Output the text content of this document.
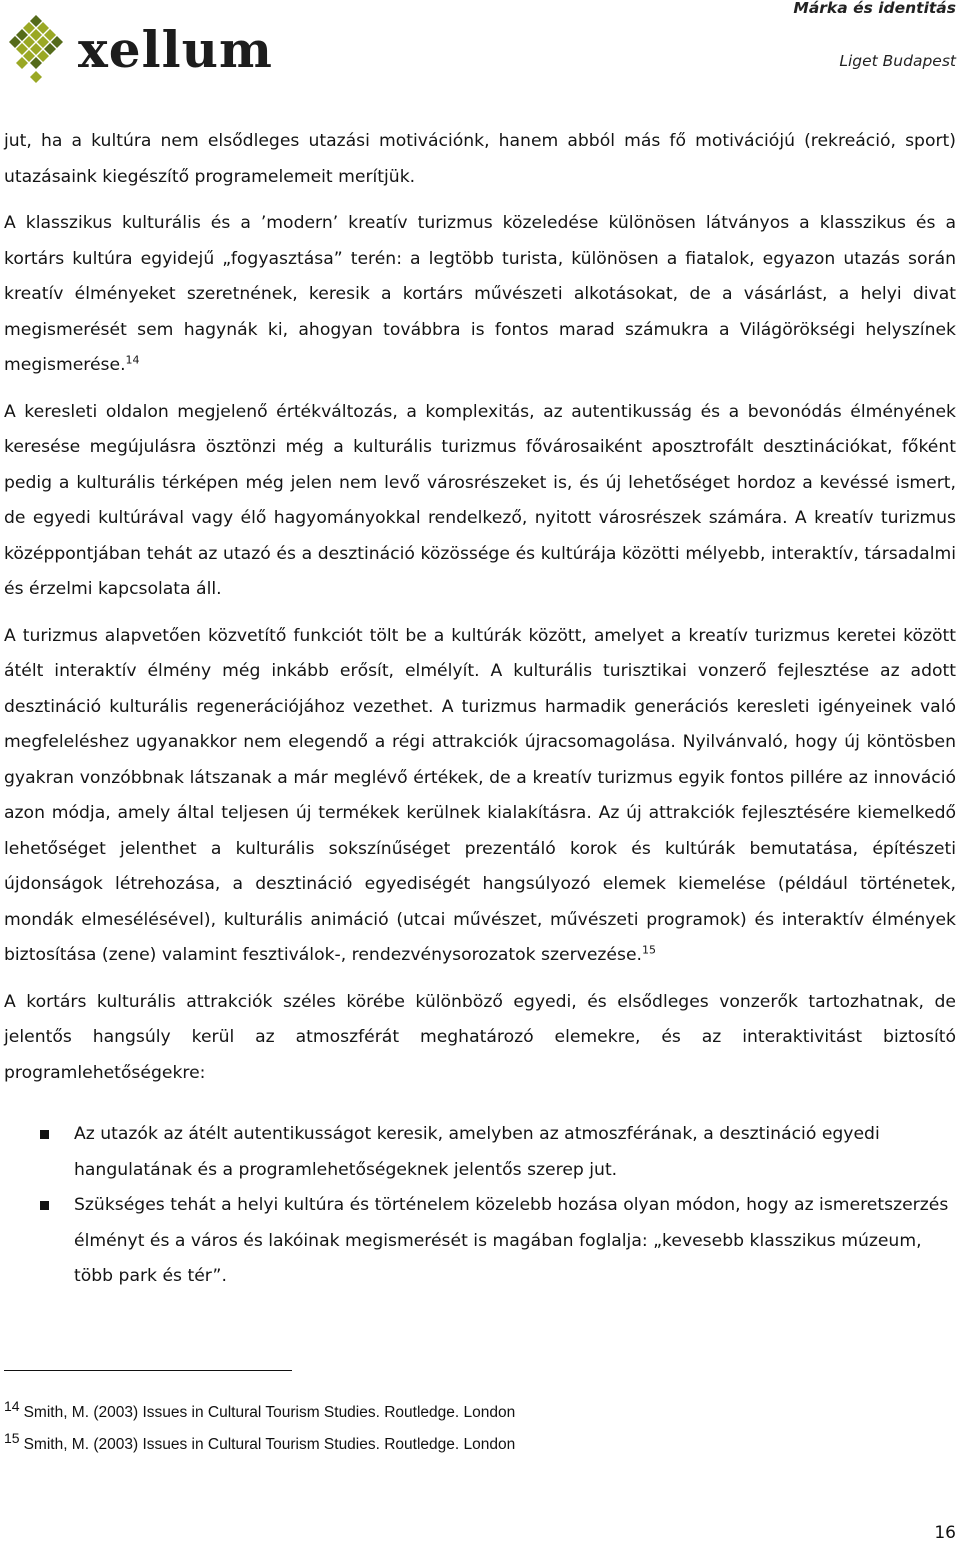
xellum
Márka és identitás
Liget Budapest

jut, ha a kultúra nem elsődleges utazási motivációnk, hanem abból más fő motivációjú (rekreáció, sport) utazásaink kiegészítő programelemeit merítjük.

A klasszikus kulturális és a ’modern’ kreatív turizmus közeledése különösen látványos a klasszikus és a kortárs kultúra egyidejű „fogyasztása” terén: a legtöbb turista, különösen a fiatalok, egyazon utazás során kreatív élményeket szeretnének, keresik a kortárs művészeti alkotásokat, de a vásárlást, a helyi divat megismerését sem hagynák ki, ahogyan továbbra is fontos marad számukra a Világörökségi helyszínek megismerése.$^{14}$

A keresleti oldalon megjelenő értékváltozás, a komplexitás, az autentikusság és a bevonódás élményének keresése megújulásra ösztönzi még a kulturális turizmus fővárosaiként aposztrofált desztinációkat, főként pedig a kulturális térképen még jelen nem levő városrészeket is, és új lehetőséget hordoz a kevéssé ismert, de egyedi kultúrával vagy élő hagyományokkal rendelkező, nyitott városrészek számára. A kreatív turizmus középpontjában tehát az utazó és a desztináció közössége és kultúrája közötti mélyebb, interaktív, társadalmi és érzelmi kapcsolata áll.

A turizmus alapvetően közvetítő funkciót tölt be a kultúrák között, amelyet a kreatív turizmus keretei között átélt interaktív élmény még inkább erősít, elmélyít. A kulturális turisztikai vonzerő fejlesztése az adott desztináció kulturális regenerációjához vezethet. A turizmus harmadik generációs keresleti igényeinek való megfeleléshez ugyanakkor nem elegendő a régi attrakciók újracsomagolása. Nyilvánvaló, hogy új köntösben gyakran vonzóbbnak látszanak a már meglévő értékek, de a kreatív turizmus egyik fontos pillére az innováció azon módja, amely által teljesen új termékek kerülnek kialakításra. Az új attrakciók fejlesztésére kiemelkedő lehetőséget jelenthet a kulturális sokszínűséget prezentáló korok és kultúrák bemutatása, építészeti újdonságok létrehozása, a desztináció egyediségét hangsúlyozó elemek kiemelése (például történetek, mondák elmesélésével), kulturális animáció (utcai művészet, művészeti programok) és interaktív élmények biztosítása (zene) valamint fesztiválok-, rendezvénysorozatok szervezése.$^{15}$

A kortárs kulturális attrakciók széles körébe különböző egyedi, és elsődleges vonzerők tartozhatnak, de jelentős hangsúly kerül az atmoszférát meghatározó elemekre, és az interaktivitást biztosító programlehetőségekre:

Az utazók az átélt autentikusságot keresik, amelyben az atmoszférának, a desztináció egyedi hangulatának és a programlehetőségeknek jelentős szerep jut.
Szükséges tehát a helyi kultúra és történelem közelebb hozása olyan módon, hogy az ismeretszerzés élményt és a város és lakóinak megismerését is magában foglalja: „kevesebb klasszikus múzeum, több park és tér”.
14 Smith, M. (2003) Issues in Cultural Tourism Studies. Routledge. London
15 Smith, M. (2003) Issues in Cultural Tourism Studies. Routledge. London
16
